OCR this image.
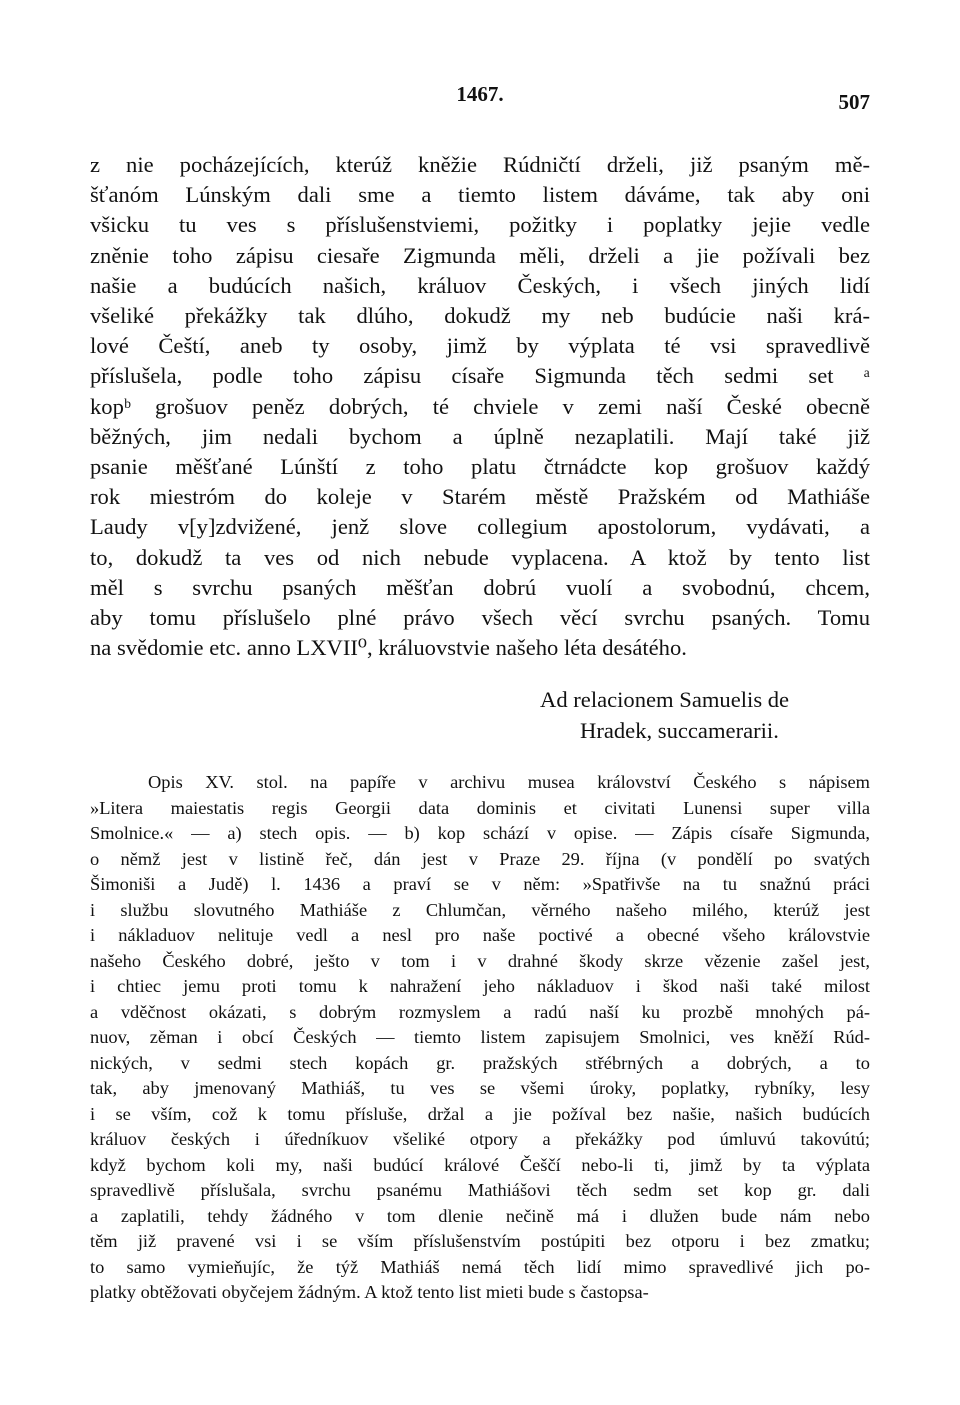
1467.	507
z nie pocházejících, kterúž kněžie Rúdničtí drželi, již psaným mě-
šťanóm Lúnským dali sme a tiemto listem dáváme, tak aby oni
všicku tu ves s příslušenstviemi, požitky i poplatky jejie vedle
zněnie toho zápisu ciesaře Zigmunda měli, drželi a jie požívali bez
našie a budúcích našich, králuov Českých, i všech jiných lidí
všeliké překážky tak dlúho, dokudž my neb budúcie naši krá-
lové Čeští, aneb ty osoby, jimž by výplata té vsi spravedlivě
příslušela, podle toho zápisu císaře Sigmunda těch sedmi set ᵃ
kopᵇ grošuov peněz dobrých, té chviele v zemi naší České obecně
běžných, jim nedali bychom a úplně nezaplatili. Mají také již
psanie měšťané Lúnští z toho platu čtrnádcte kop grošuov každý
rok miestróm do koleje v Starém městě Pražském od Mathiáše
Laudy v[y]zdvižené, jenž slove collegium apostolorum, vydávati, a
to, dokudž ta ves od nich nebude vyplacena. A ktož by tento list
měl s svrchu psaných měšťan dobrú vuolí a svobodnú, chcem,
aby tomu příslušelo plné právo všech věcí svrchu psaných. Tomu
na svědomie etc. anno LXVII⁰, králuovstvie našeho léta desátého.
Ad relacionem Samuelis de
Hradek, succamerarii.
Opis XV. stol. na papíře v archivu musea království Českého s nápisem
»Litera maiestatis regis Georgii data dominis et civitati Lunensi super villa
Smolnice.« — a) stech opis. — b) kop schází v opise. — Zápis císaře Sigmunda,
o němž jest v listině řeč, dán jest v Praze 29. října (v pondělí po svatých
Šimoniši a Judě) l. 1436 a praví se v něm: »Spatřivše na tu snažnú práci
i službu slovutného Mathiáše z Chlumčan, věrného našeho milého, kterúž jest
i nákladuov nelituje vedl a nesl pro naše poctivé a obecné všeho královstvie
našeho Českého dobré, ješto v tom i v drahné škody skrze vězenie zašel jest,
i chtiec jemu proti tomu k nahražení jeho nákladuov i škod naši také milost
a vděčnost okázati, s dobrým rozmyslem a radú naší ku prozbě mnohých pá-
nuov, zěman i obcí Českých — tiemto listem zapisujem Smolnici, ves kněží Rúd-
nických, v sedmi stech kopách gr. pražských střébrných a dobrých, a to
tak, aby jmenovaný Mathiáš, tu ves se všemi úroky, poplatky, rybníky, lesy
i se vším, což k tomu přísluše, držal a jie požíval bez našie, našich budúcích
králuov českých i úředníkuov všeliké otpory a překážky pod úmluvú takovútú;
když bychom koli my, naši budúcí králové Češčí nebo-li ti, jimž by ta výplata
spravedlivě příslušala, svrchu psanému Mathiášovi těch sedm set kop gr. dali
a zaplatili, tehdy žádného v tom dlenie nečině má i dlužen bude nám nebo
těm již pravené vsi i se vším příslušenstvím postúpiti bez otporu i bez zmatku;
to samo vymieňujíc, že týž Mathiáš nemá těch lidí mimo spravedlivé jich po-
platky obtěžovati obyčejem žádným. A ktož tento list mieti bude s častopsa-
